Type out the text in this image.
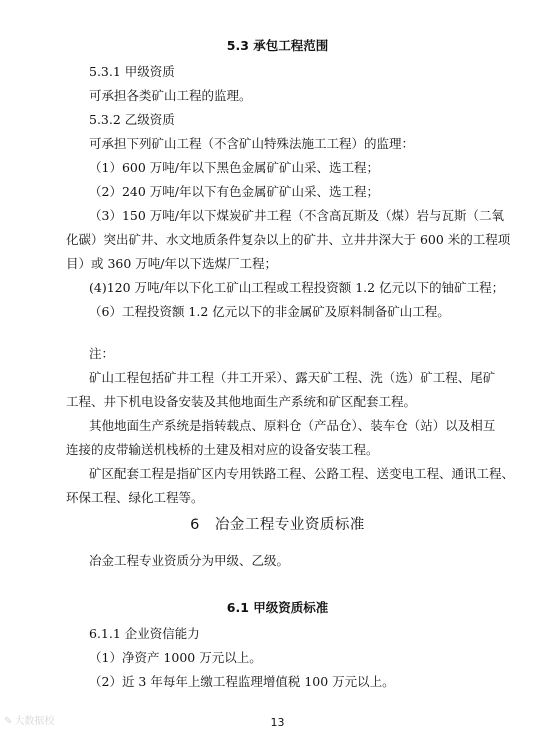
5.3 承包工程范围
5.3.1 甲级资质
可承担各类矿山工程的监理。
5.3.2 乙级资质
可承担下列矿山工程（不含矿山特殊法施工工程）的监理：
（1）600 万吨/年以下黑色金属矿矿山采、选工程；
（2）240 万吨/年以下有色金属矿矿山采、选工程；
（3）150 万吨/年以下煤炭矿井工程（不含高瓦斯及（煤）岩与瓦斯（二氧
化碳）突出矿井、水文地质条件复杂以上的矿井、立井井深大于 600 米的工程项
目）或 360 万吨/年以下选煤厂工程；
(4)120 万吨/年以下化工矿山工程或工程投资额 1.2 亿元以下的铀矿工程；
（6）工程投资额 1.2 亿元以下的非金属矿及原料制备矿山工程。
注：
矿山工程包括矿井工程（井工开采）、露天矿工程、洗（选）矿工程、尾矿
工程、井下机电设备安装及其他地面生产系统和矿区配套工程。
其他地面生产系统是指转载点、原料仓（产品仓）、装车仓（站）以及相互
连接的皮带输送机栈桥的土建及相对应的设备安装工程。
矿区配套工程是指矿区内专用铁路工程、公路工程、送变电工程、通讯工程、
环保工程、绿化工程等。
6　冶金工程专业资质标准
冶金工程专业资质分为甲级、乙级。
6.1 甲级资质标准
6.1.1 企业资信能力
（1）净资产 1000 万元以上。
（2）近 3 年每年上缴工程监理增值税 100 万元以上。
✎ 大数据校	13
